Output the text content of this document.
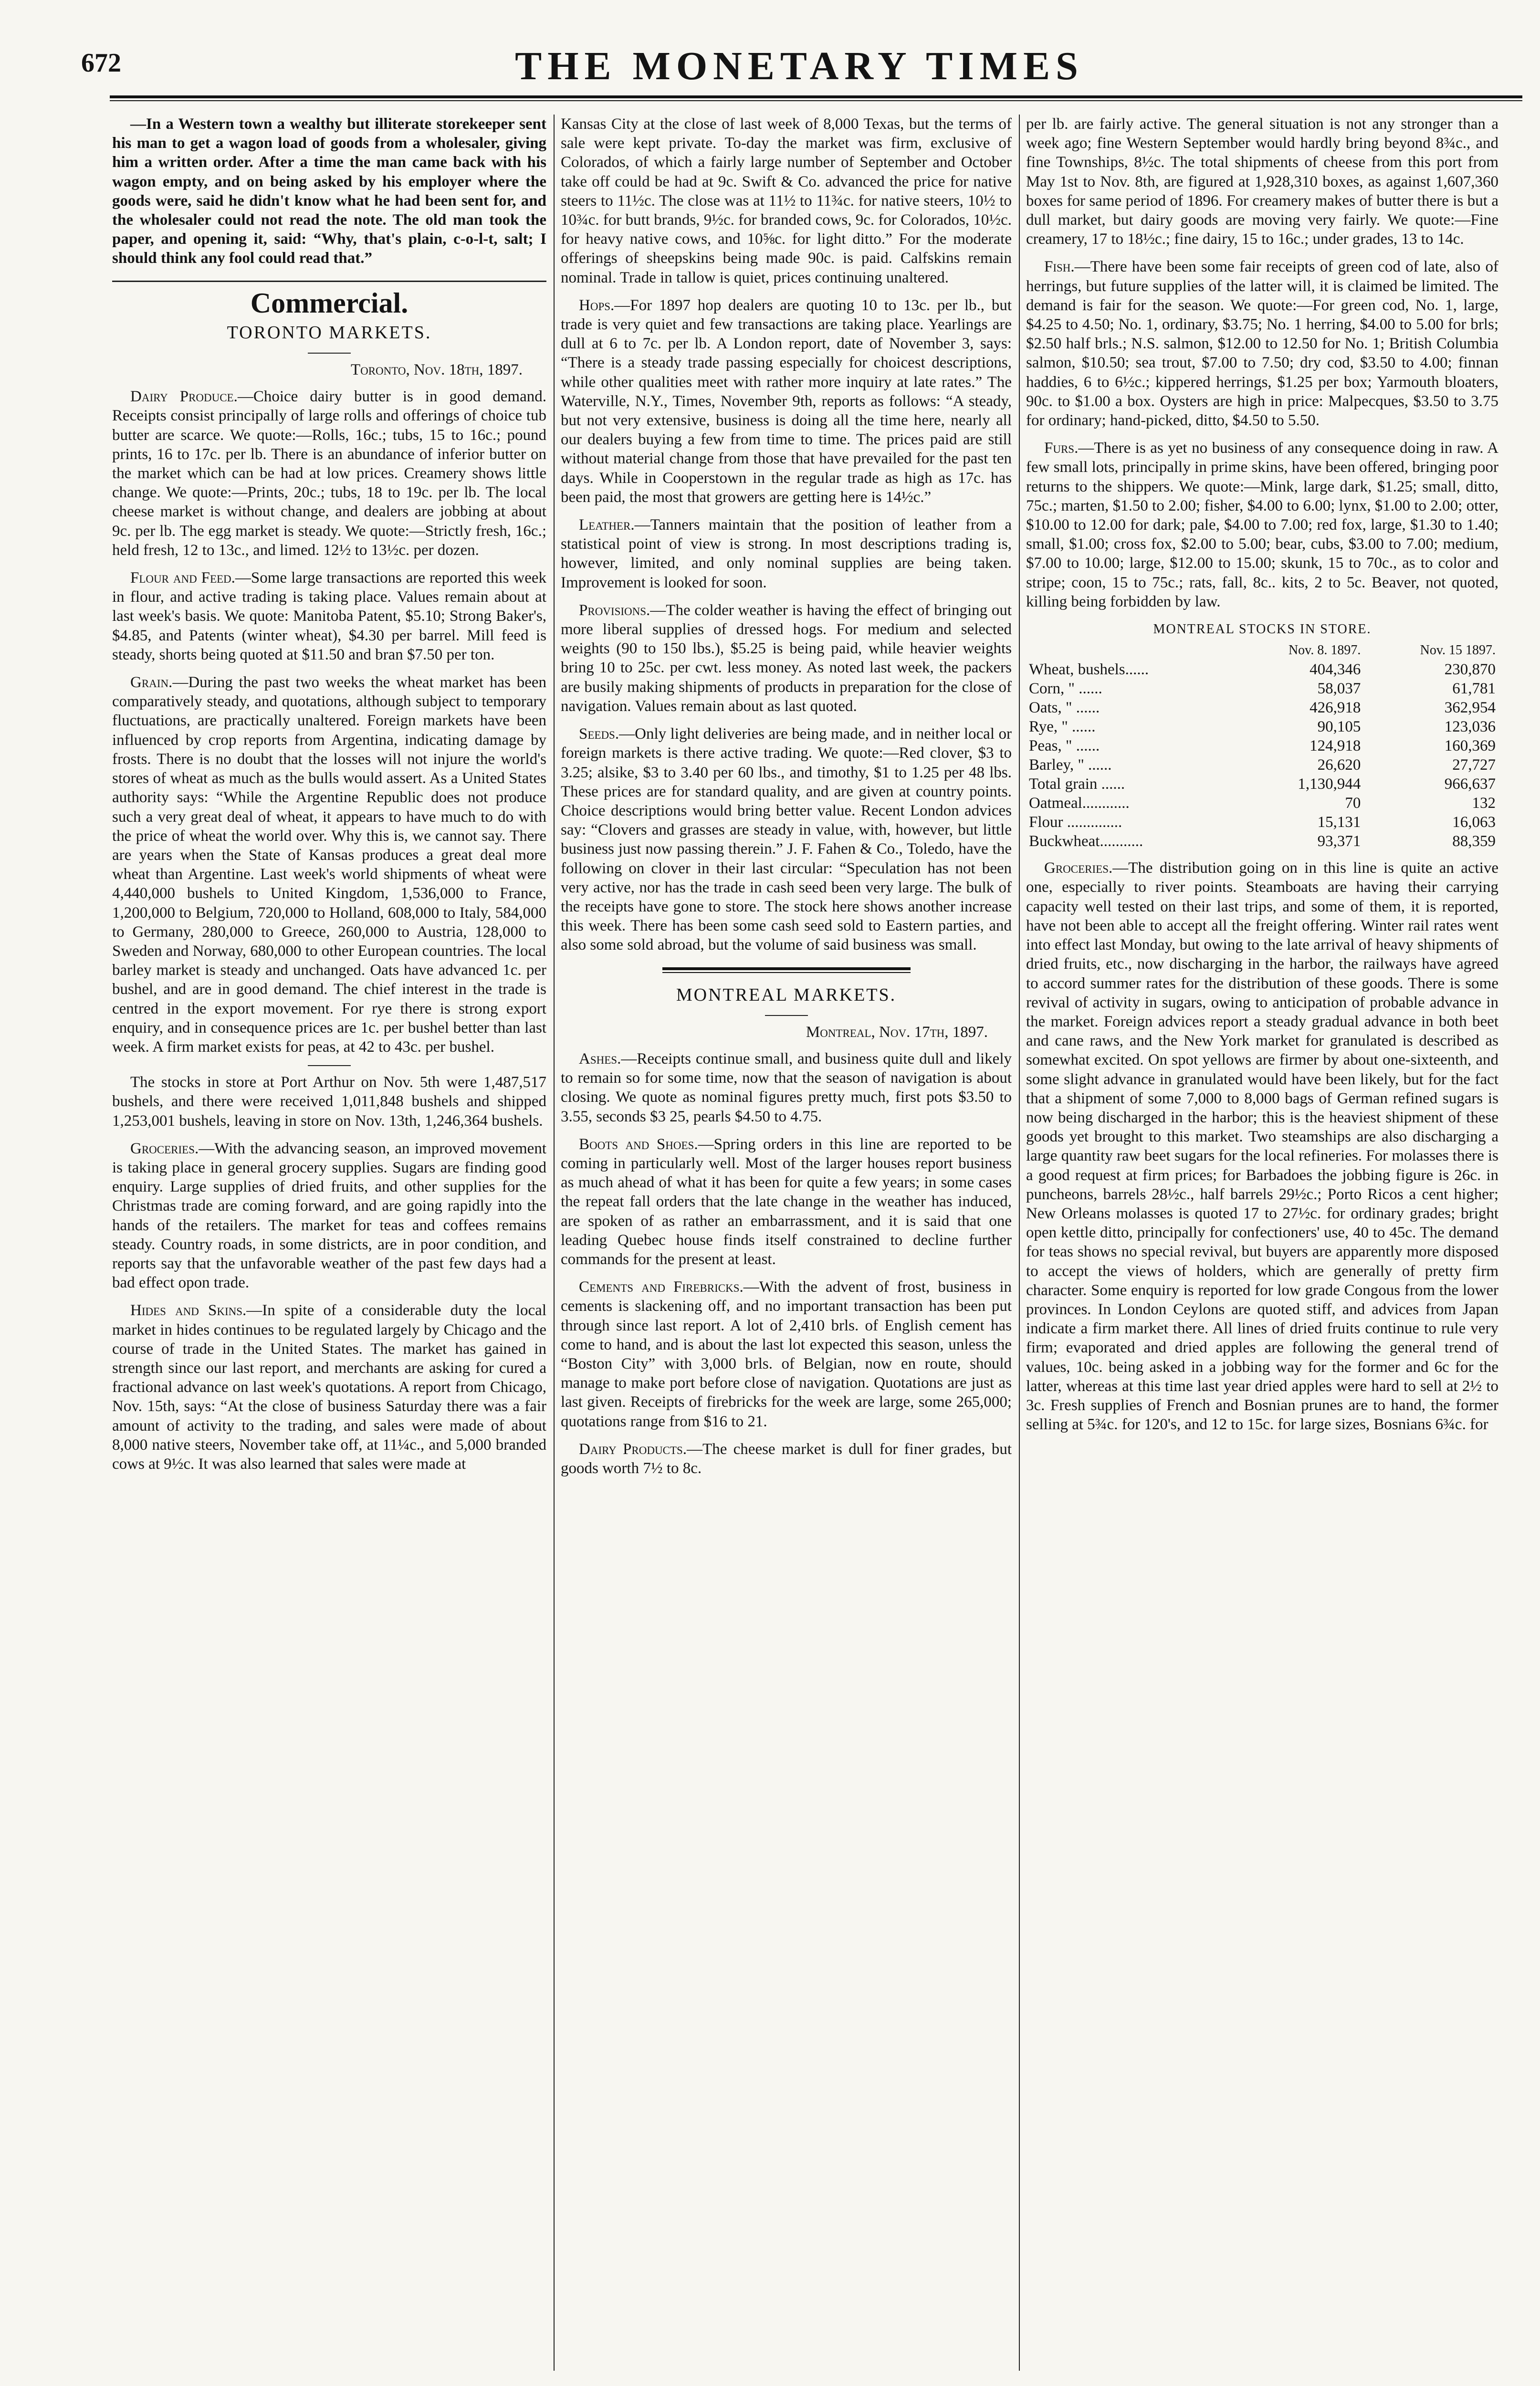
672	THE MONETARY TIMES

—In a Western town a wealthy but illiterate storekeeper sent his man to get a wagon load of goods from a wholesaler, giving him a written order. After a time the man came back with his wagon empty, and on being asked by his employer where the goods were, said he didn't know what he had been sent for, and the wholesaler could not read the note. The old man took the paper, and opening it, said: “Why, that's plain, c-o-l-t, salt; I should think any fool could read that.”

Commercial.
TORONTO MARKETS.
Toronto, Nov. 18th, 1897.

Dairy Produce.—Choice dairy butter is in good demand. Receipts consist principally of large rolls and offerings of choice tub butter are scarce. We quote:—Rolls, 16c.; tubs, 15 to 16c.; pound prints, 16 to 17c. per lb. There is an abundance of inferior butter on the market which can be had at low prices. Creamery shows little change. We quote:—Prints, 20c.; tubs, 18 to 19c. per lb. The local cheese market is without change, and dealers are jobbing at about 9c. per lb. The egg market is steady. We quote:—Strictly fresh, 16c.; held fresh, 12 to 13c., and limed. 12½ to 13½c. per dozen.

Flour and Feed.—Some large transactions are reported this week in flour, and active trading is taking place. Values remain about at last week's basis. We quote: Manitoba Patent, $5.10; Strong Baker's, $4.85, and Patents (winter wheat), $4.30 per barrel. Mill feed is steady, shorts being quoted at $11.50 and bran $7.50 per ton.

Grain.—During the past two weeks the wheat market has been comparatively steady, and quotations, although subject to temporary fluctuations, are practically unaltered. Foreign markets have been influenced by crop reports from Argentina, indicating damage by frosts. There is no doubt that the losses will not injure the world's stores of wheat as much as the bulls would assert. As a United States authority says: “While the Argentine Republic does not produce such a very great deal of wheat, it appears to have much to do with the price of wheat the world over. Why this is, we cannot say. There are years when the State of Kansas produces a great deal more wheat than Argentine. Last week's world shipments of wheat were 4,440,000 bushels to United Kingdom, 1,536,000 to France, 1,200,000 to Belgium, 720,000 to Holland, 608,000 to Italy, 584,000 to Germany, 280,000 to Greece, 260,000 to Austria, 128,000 to Sweden and Norway, 680,000 to other European countries. The local barley market is steady and unchanged. Oats have advanced 1c. per bushel, and are in good demand. The chief interest in the trade is centred in the export movement. For rye there is strong export enquiry, and in consequence prices are 1c. per bushel better than last week. A firm market exists for peas, at 42 to 43c. per bushel.

The stocks in store at Port Arthur on Nov. 5th were 1,487,517 bushels, and there were received 1,011,848 bushels and shipped 1,253,001 bushels, leaving in store on Nov. 13th, 1,246,364 bushels.

Groceries.—With the advancing season, an improved movement is taking place in general grocery supplies. Sugars are finding good enquiry. Large supplies of dried fruits, and other supplies for the Christmas trade are coming forward, and are going rapidly into the hands of the retailers. The market for teas and coffees remains steady. Country roads, in some districts, are in poor condition, and reports say that the unfavorable weather of the past few days had a bad effect opon trade.

Hides and Skins.—In spite of a considerable duty the local market in hides continues to be regulated largely by Chicago and the course of trade in the United States. The market has gained in strength since our last report, and merchants are asking for cured a fractional advance on last week's quotations. A report from Chicago, Nov. 15th, says: “At the close of business Saturday there was a fair amount of activity to the trading, and sales were made of about 8,000 native steers, November take off, at 11¼c., and 5,000 branded cows at 9½c. It was also learned that sales were made at

Kansas City at the close of last week of 8,000 Texas, but the terms of sale were kept private. To-day the market was firm, exclusive of Colorados, of which a fairly large number of September and October take off could be had at 9c. Swift & Co. advanced the price for native steers to 11½c. The close was at 11½ to 11¾c. for native steers, 10½ to 10¾c. for butt brands, 9½c. for branded cows, 9c. for Colorados, 10½c. for heavy native cows, and 10⅝c. for light ditto.” For the moderate offerings of sheepskins being made 90c. is paid. Calfskins remain nominal. Trade in tallow is quiet, prices continuing unaltered.

Hops.—For 1897 hop dealers are quoting 10 to 13c. per lb., but trade is very quiet and few transactions are taking place. Yearlings are dull at 6 to 7c. per lb. A London report, date of November 3, says: “There is a steady trade passing especially for choicest descriptions, while other qualities meet with rather more inquiry at late rates.” The Waterville, N.Y., Times, November 9th, reports as follows: “A steady, but not very extensive, business is doing all the time here, nearly all our dealers buying a few from time to time. The prices paid are still without material change from those that have prevailed for the past ten days. While in Cooperstown in the regular trade as high as 17c. has been paid, the most that growers are getting here is 14½c.”

Leather.—Tanners maintain that the position of leather from a statistical point of view is strong. In most descriptions trading is, however, limited, and only nominal supplies are being taken. Improvement is looked for soon.

Provisions.—The colder weather is having the effect of bringing out more liberal supplies of dressed hogs. For medium and selected weights (90 to 150 lbs.), $5.25 is being paid, while heavier weights bring 10 to 25c. per cwt. less money. As noted last week, the packers are busily making shipments of products in preparation for the close of navigation. Values remain about as last quoted.

Seeds.—Only light deliveries are being made, and in neither local or foreign markets is there active trading. We quote:—Red clover, $3 to 3.25; alsike, $3 to 3.40 per 60 lbs., and timothy, $1 to 1.25 per 48 lbs. These prices are for standard quality, and are given at country points. Choice descriptions would bring better value. Recent London advices say: “Clovers and grasses are steady in value, with, however, but little business just now passing therein.” J. F. Fahen & Co., Toledo, have the following on clover in their last circular: “Speculation has not been very active, nor has the trade in cash seed been very large. The bulk of the receipts have gone to store. The stock here shows another increase this week. There has been some cash seed sold to Eastern parties, and also some sold abroad, but the volume of said business was small.

MONTREAL MARKETS.
Montreal, Nov. 17th, 1897.

Ashes.—Receipts continue small, and business quite dull and likely to remain so for some time, now that the season of navigation is about closing. We quote as nominal figures pretty much, first pots $3.50 to 3.55, seconds $3 25, pearls $4.50 to 4.75.

Boots and Shoes.—Spring orders in this line are reported to be coming in particularly well. Most of the larger houses report business as much ahead of what it has been for quite a few years; in some cases the repeat fall orders that the late change in the weather has induced, are spoken of as rather an embarrassment, and it is said that one leading Quebec house finds itself constrained to decline further commands for the present at least.

Cements and Firebricks.—With the advent of frost, business in cements is slackening off, and no important transaction has been put through since last report. A lot of 2,410 brls. of English cement has come to hand, and is about the last lot expected this season, unless the “Boston City” with 3,000 brls. of Belgian, now en route, should manage to make port before close of navigation. Quotations are just as last given. Receipts of firebricks for the week are large, some 265,000; quotations range from $16 to 21.

Dairy Products.—The cheese market is dull for finer grades, but goods worth 7½ to 8c.

per lb. are fairly active. The general situation is not any stronger than a week ago; fine Western September would hardly bring beyond 8¾c., and fine Townships, 8½c. The total shipments of cheese from this port from May 1st to Nov. 8th, are figured at 1,928,310 boxes, as against 1,607,360 boxes for same period of 1896. For creamery makes of butter there is but a dull market, but dairy goods are moving very fairly. We quote:—Fine creamery, 17 to 18½c.; fine dairy, 15 to 16c.; under grades, 13 to 14c.

Fish.—There have been some fair receipts of green cod of late, also of herrings, but future supplies of the latter will, it is claimed be limited. The demand is fair for the season. We quote:—For green cod, No. 1, large, $4.25 to 4.50; No. 1, ordinary, $3.75; No. 1 herring, $4.00 to 5.00 for brls; $2.50 half brls.; N.S. salmon, $12.00 to 12.50 for No. 1; British Columbia salmon, $10.50; sea trout, $7.00 to 7.50; dry cod, $3.50 to 4.00; finnan haddies, 6 to 6½c.; kippered herrings, $1.25 per box; Yarmouth bloaters, 90c. to $1.00 a box. Oysters are high in price: Malpecques, $3.50 to 3.75 for ordinary; hand-picked, ditto, $4.50 to 5.50.

Furs.—There is as yet no business of any consequence doing in raw. A few small lots, principally in prime skins, have been offered, bringing poor returns to the shippers. We quote:—Mink, large dark, $1.25; small, ditto, 75c.; marten, $1.50 to 2.00; fisher, $4.00 to 6.00; lynx, $1.00 to 2.00; otter, $10.00 to 12.00 for dark; pale, $4.00 to 7.00; red fox, large, $1.30 to 1.40; small, $1.00; cross fox, $2.00 to 5.00; bear, cubs, $3.00 to 7.00; medium, $7.00 to 10.00; large, $12.00 to 15.00; skunk, 15 to 70c., as to color and stripe; coon, 15 to 75c.; rats, fall, 8c.. kits, 2 to 5c. Beaver, not quoted, killing being forbidden by law.

MONTREAL STOCKS IN STORE.
	Nov. 8. 1897.	Nov. 15 1897.
Wheat, bushels......	404,346	230,870
Corn, " ......	58,037	61,781
Oats, " ......	426,918	362,954
Rye, " ......	90,105	123,036
Peas, " ......	124,918	160,369
Barley, " ......	26,620	27,727
Total grain ......	1,130,944	966,637
Oatmeal............	70	132
Flour ..............	15,131	16,063
Buckwheat...........	93,371	88,359

Groceries.—The distribution going on in this line is quite an active one, especially to river points. Steamboats are having their carrying capacity well tested on their last trips, and some of them, it is reported, have not been able to accept all the freight offering. Winter rail rates went into effect last Monday, but owing to the late arrival of heavy shipments of dried fruits, etc., now discharging in the harbor, the railways have agreed to accord summer rates for the distribution of these goods. There is some revival of activity in sugars, owing to anticipation of probable advance in the market. Foreign advices report a steady gradual advance in both beet and cane raws, and the New York market for granulated is described as somewhat excited. On spot yellows are firmer by about one-sixteenth, and some slight advance in granulated would have been likely, but for the fact that a shipment of some 7,000 to 8,000 bags of German refined sugars is now being discharged in the harbor; this is the heaviest shipment of these goods yet brought to this market. Two steamships are also discharging a large quantity raw beet sugars for the local refineries. For molasses there is a good request at firm prices; for Barbadoes the jobbing figure is 26c. in puncheons, barrels 28½c., half barrels 29½c.; Porto Ricos a cent higher; New Orleans molasses is quoted 17 to 27½c. for ordinary grades; bright open kettle ditto, principally for confectioners' use, 40 to 45c. The demand for teas shows no special revival, but buyers are apparently more disposed to accept the views of holders, which are generally of pretty firm character. Some enquiry is reported for low grade Congous from the lower provinces. In London Ceylons are quoted stiff, and advices from Japan indicate a firm market there. All lines of dried fruits continue to rule very firm; evaporated and dried apples are following the general trend of values, 10c. being asked in a jobbing way for the former and 6c for the latter, whereas at this time last year dried apples were hard to sell at 2½ to 3c. Fresh supplies of French and Bosnian prunes are to hand, the former selling at 5¾c. for 120's, and 12 to 15c. for large sizes, Bosnians 6¾c. for
